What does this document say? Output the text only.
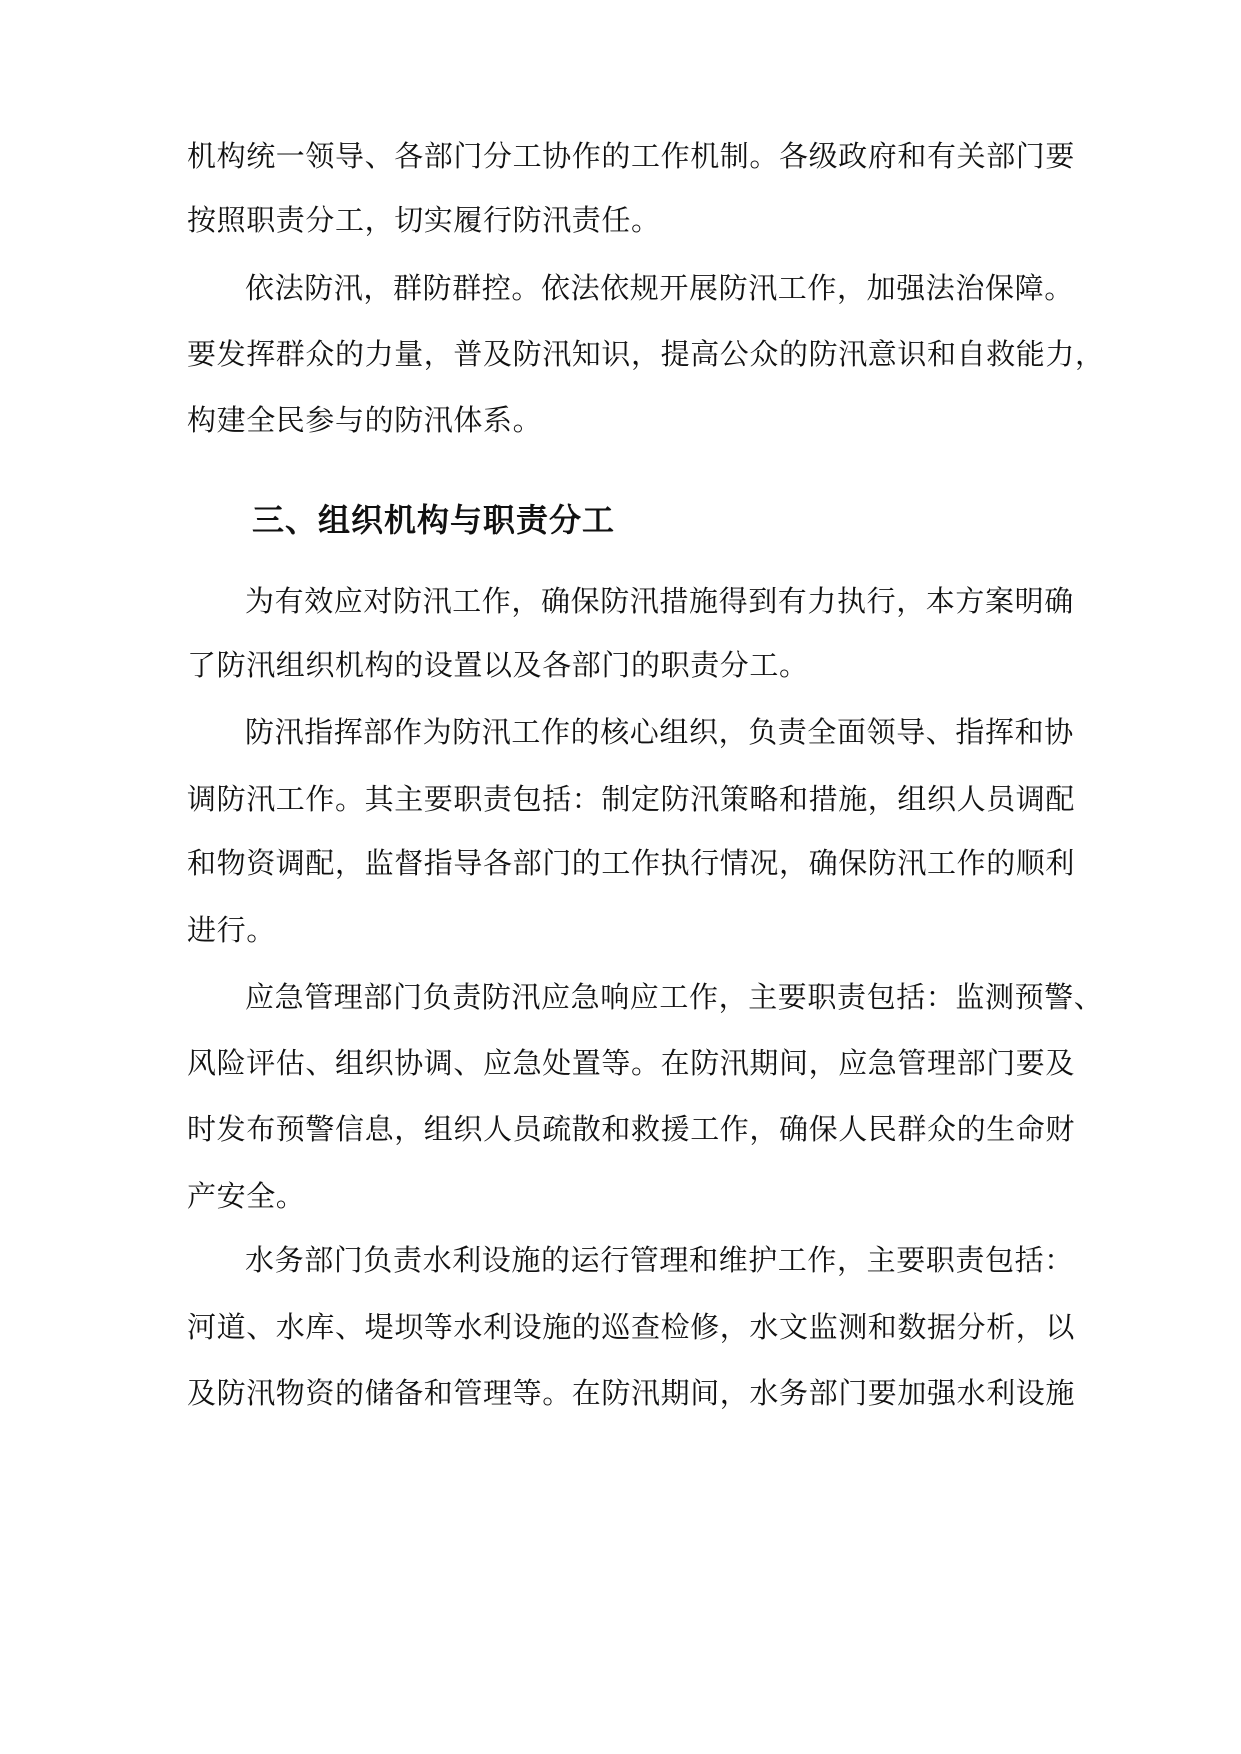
机构统一领导、各部门分工协作的工作机制。各级政府和有关部门要
按照职责分工，切实履行防汛责任。
依法防汛，群防群控。依法依规开展防汛工作，加强法治保障。
要发挥群众的力量，普及防汛知识，提高公众的防汛意识和自救能力，
构建全民参与的防汛体系。
三、组织机构与职责分工
为有效应对防汛工作，确保防汛措施得到有力执行，本方案明确
了防汛组织机构的设置以及各部门的职责分工。
防汛指挥部作为防汛工作的核心组织，负责全面领导、指挥和协
调防汛工作。其主要职责包括：制定防汛策略和措施，组织人员调配
和物资调配，监督指导各部门的工作执行情况，确保防汛工作的顺利
进行。
应急管理部门负责防汛应急响应工作，主要职责包括：监测预警、
风险评估、组织协调、应急处置等。在防汛期间，应急管理部门要及
时发布预警信息，组织人员疏散和救援工作，确保人民群众的生命财
产安全。
水务部门负责水利设施的运行管理和维护工作，主要职责包括：
河道、水库、堤坝等水利设施的巡查检修，水文监测和数据分析，以
及防汛物资的储备和管理等。在防汛期间，水务部门要加强水利设施
